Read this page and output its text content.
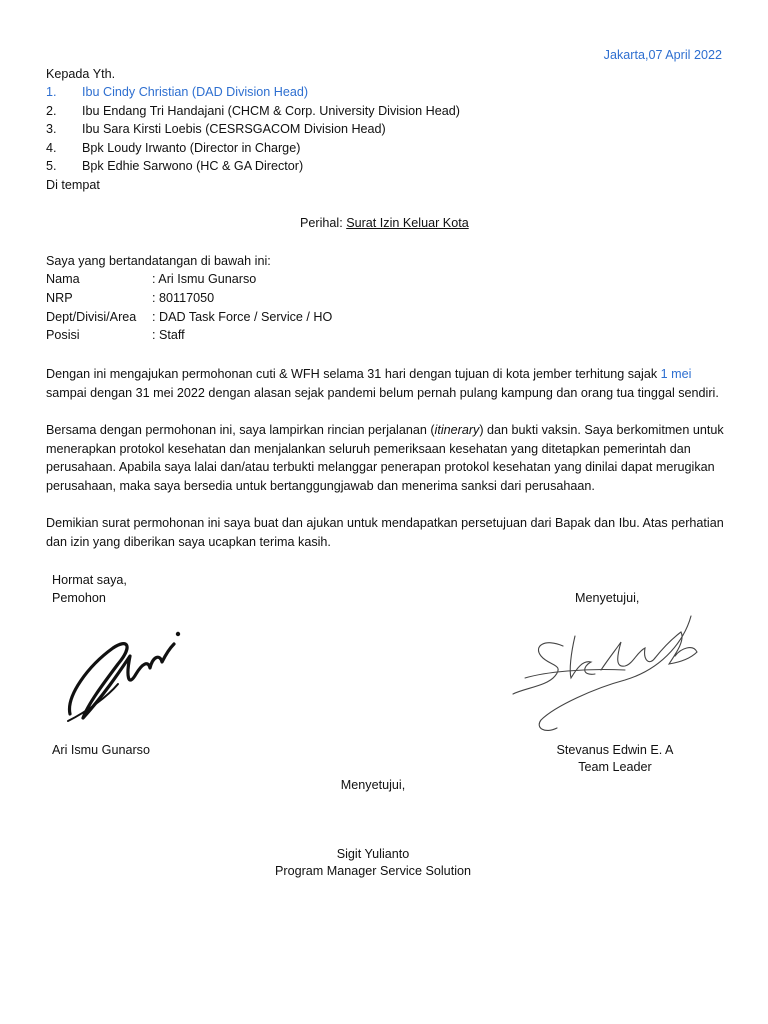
Jakarta,07 April 2022
Kepada Yth.
1. Ibu Cindy Christian (DAD Division Head)
2. Ibu Endang Tri Handajani (CHCM & Corp. University Division Head)
3. Ibu Sara Kirsti Loebis (CESRSGACOM Division Head)
4. Bpk Loudy Irwanto (Director in Charge)
5. Bpk Edhie Sarwono (HC & GA Director)
Di tempat
Perihal: Surat Izin Keluar Kota
Saya yang bertandatangan di bawah ini:
Nama	: Ari Ismu Gunarso
NRP	: 80117050
Dept/Divisi/Area : DAD Task Force / Service / HO
Posisi	: Staff
Dengan ini mengajukan permohonan cuti & WFH selama 31 hari dengan tujuan di kota jember terhitung sajak 1 mei sampai dengan 31 mei 2022 dengan alasan sejak pandemi belum pernah pulang kampung dan orang tua tinggal sendiri.
Bersama dengan permohonan ini, saya lampirkan rincian perjalanan (itinerary) dan bukti vaksin. Saya berkomitmen untuk menerapkan protokol kesehatan dan menjalankan seluruh pemeriksaan kesehatan yang ditetapkan pemerintah dan perusahaan. Apabila saya lalai dan/atau terbukti melanggar penerapan protokol kesehatan yang dinilai dapat merugikan perusahaan, maka saya bersedia untuk bertanggungjawab dan menerima sanksi dari perusahaan.
Demikian surat permohonan ini saya buat dan ajukan untuk mendapatkan persetujuan dari Bapak dan Ibu. Atas perhatian dan izin yang diberikan saya ucapkan terima kasih.
Hormat saya,
Pemohon	Menyetujui,
Ari Ismu Gunarso	Stevanus Edwin E. A
Team Leader
Menyetujui,
Sigit Yulianto
Program Manager Service Solution
